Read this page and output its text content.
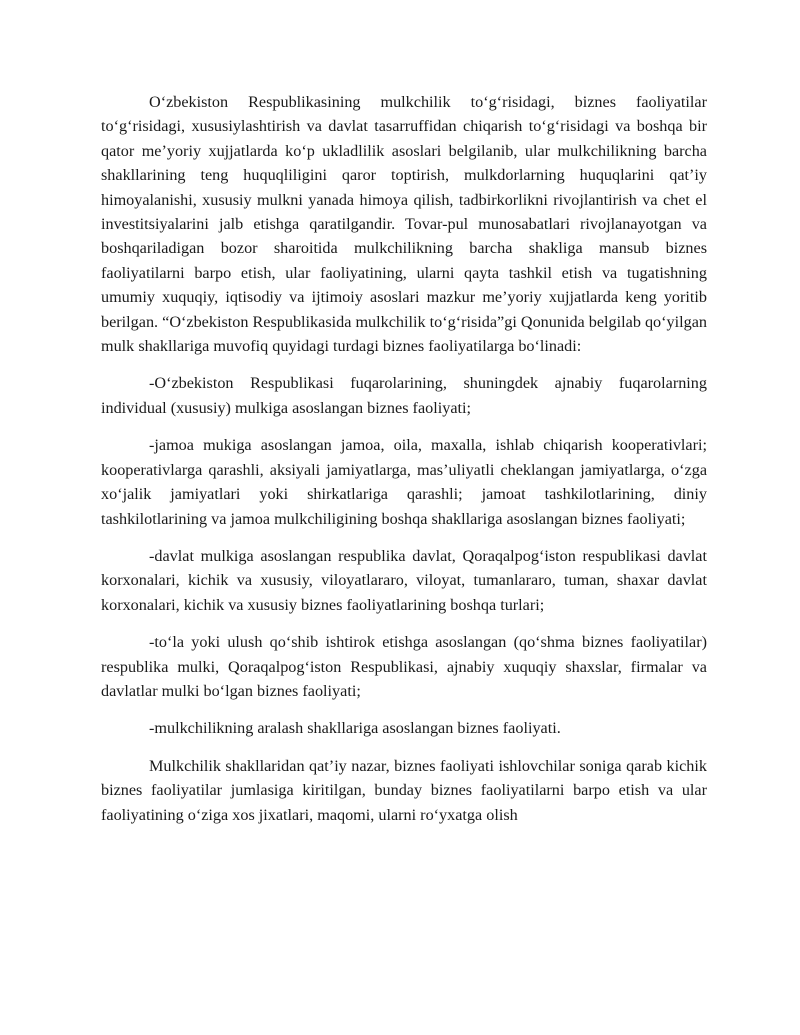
O‘zbekiston Respublikasining mulkchilik to‘g‘risidagi, biznes faoliyatilar to‘g‘risidagi, xususiylashtirish va davlat tasarruffidan chiqarish to‘g‘risidagi va boshqa bir qator me’yoriy xujjatlarda ko‘p ukladlilik asoslari belgilanib, ular mulkchilikning barcha shakllarining teng huquqliligini qaror toptirish, mulkdorlarning huquqlarini qat’iy himoyalanishi, xususiy mulkni yanada himoya qilish, tadbirkorlikni rivojlantirish va chet el investitsiyalarini jalb etishga qaratilgandir. Tovar-pul munosabatlari rivojlanayotgan va boshqariladigan bozor sharoitida mulkchilikning barcha shakliga mansub biznes faoliyatilarni barpo etish, ular faoliyatining, ularni qayta tashkil etish va tugatishning umumiy xuquqiy, iqtisodiy va ijtimoiy asoslari mazkur me’yoriy xujjatlarda keng yoritib berilgan. “O‘zbekiston Respublikasida mulkchilik to‘g‘risida”gi Qonunida belgilab qo‘yilgan mulk shakllariga muvofiq quyidagi turdagi biznes faoliyatilarga bo‘linadi:

-O‘zbekiston Respublikasi fuqarolarining, shuningdek ajnabiy fuqarolarning individual (xususiy) mulkiga asoslangan biznes faoliyati;

-jamoa mukiga asoslangan jamoa, oila, maxalla, ishlab chiqarish kooperativlari; kooperativlarga qarashli, aksiyali jamiyatlarga, mas’uliyatli cheklangan jamiyatlarga, o‘zga xo‘jalik jamiyatlari yoki shirkatlariga qarashli; jamoat tashkilotlarining, diniy tashkilotlarining va jamoa mulkchiligining boshqa shakllariga asoslangan biznes faoliyati;

-davlat mulkiga asoslangan respublika davlat, Qoraqalpog‘iston respublikasi davlat korxonalari, kichik va xususiy, viloyatlararo, viloyat, tumanlararo, tuman, shaxar davlat korxonalari, kichik va xususiy biznes faoliyatlarining boshqa turlari;

-to‘la yoki ulush qo‘shib ishtirok etishga asoslangan (qo‘shma biznes faoliyatilar) respublika mulki, Qoraqalpog‘iston Respublikasi, ajnabiy xuquqiy shaxslar, firmalar va davlatlar mulki bo‘lgan biznes faoliyati;

-mulkchilikning aralash shakllariga asoslangan biznes faoliyati.

Mulkchilik shakllaridan qat’iy nazar, biznes faoliyati ishlovchilar soniga qarab kichik biznes faoliyatilar jumlasiga kiritilgan, bunday biznes faoliyatilarni barpo etish va ular faoliyatining o‘ziga xos jixatlari, maqomi, ularni ro‘yxatga olish
